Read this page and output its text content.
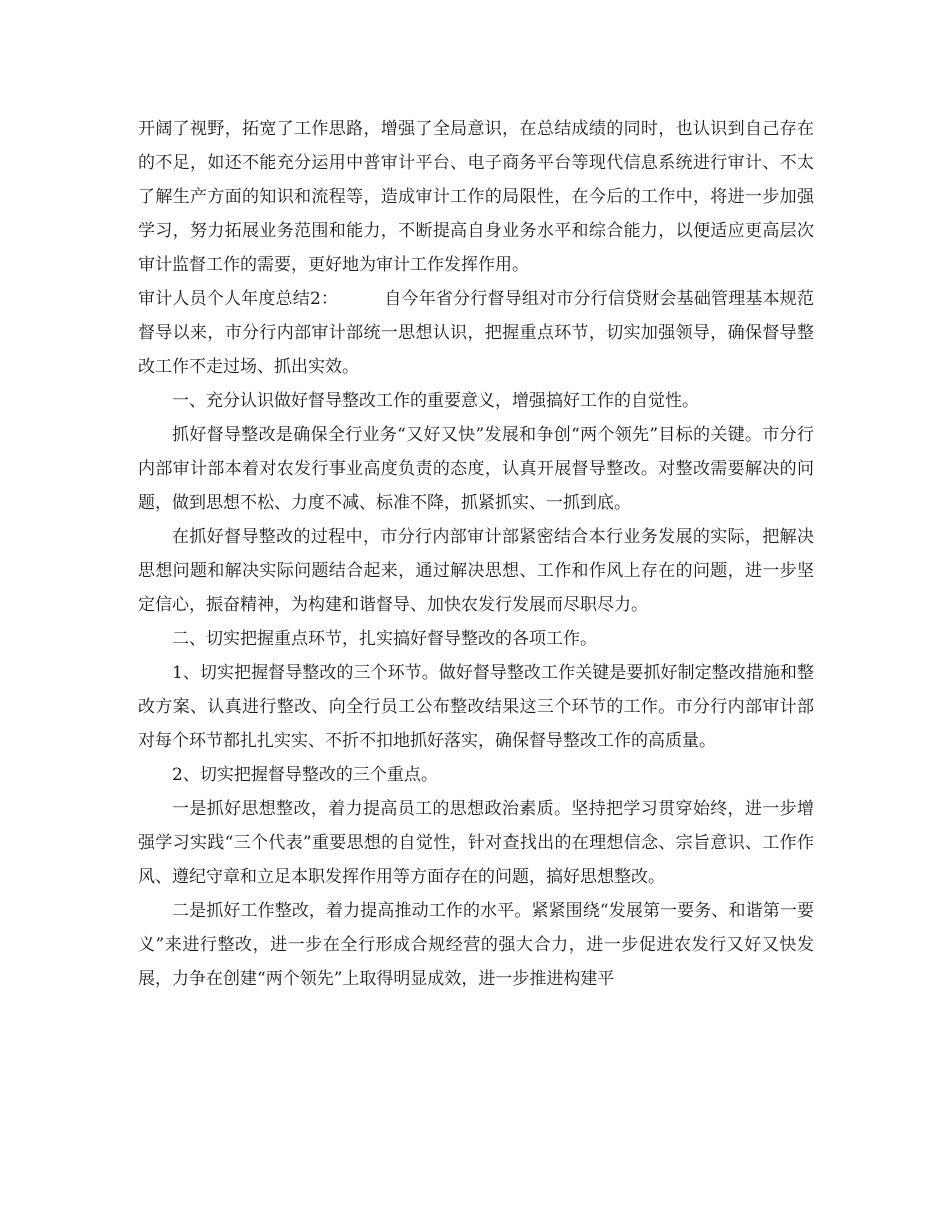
开阔了视野，拓宽了工作思路，增强了全局意识，在总结成绩的同时，也认识到自己存在的不足，如还不能充分运用中普审计平台、电子商务平台等现代信息系统进行审计、不太了解生产方面的知识和流程等，造成审计工作的局限性，在今后的工作中，将进一步加强学习，努力拓展业务范围和能力，不断提高自身业务水平和综合能力，以便适应更高层次审计监督工作的需要，更好地为审计工作发挥作用。

审计人员个人年度总结2：	自今年省分行督导组对市分行信贷财会基础管理基本规范督导以来，市分行内部审计部统一思想认识，把握重点环节，切实加强领导，确保督导整改工作不走过场、抓出实效。

一、充分认识做好督导整改工作的重要意义，增强搞好工作的自觉性。

抓好督导整改是确保全行业务“又好又快”发展和争创“两个领先”目标的关键。市分行内部审计部本着对农发行事业高度负责的态度，认真开展督导整改。对整改需要解决的问题，做到思想不松、力度不减、标准不降，抓紧抓实、一抓到底。

在抓好督导整改的过程中，市分行内部审计部紧密结合本行业务发展的实际，把解决思想问题和解决实际问题结合起来，通过解决思想、工作和作风上存在的问题，进一步坚定信心，振奋精神，为构建和谐督导、加快农发行发展而尽职尽力。

二、切实把握重点环节，扎实搞好督导整改的各项工作。

1、切实把握督导整改的三个环节。做好督导整改工作关键是要抓好制定整改措施和整改方案、认真进行整改、向全行员工公布整改结果这三个环节的工作。市分行内部审计部对每个环节都扎扎实实、不折不扣地抓好落实，确保督导整改工作的高质量。

2、切实把握督导整改的三个重点。

一是抓好思想整改，着力提高员工的思想政治素质。坚持把学习贯穿始终，进一步增强学习实践“三个代表”重要思想的自觉性，针对查找出的在理想信念、宗旨意识、工作作风、遵纪守章和立足本职发挥作用等方面存在的问题，搞好思想整改。

二是抓好工作整改，着力提高推动工作的水平。紧紧围绕“发展第一要务、和谐第一要义”来进行整改，进一步在全行形成合规经营的强大合力，进一步促进农发行又好又快发展，力争在创建“两个领先”上取得明显成效，进一步推进构建平
